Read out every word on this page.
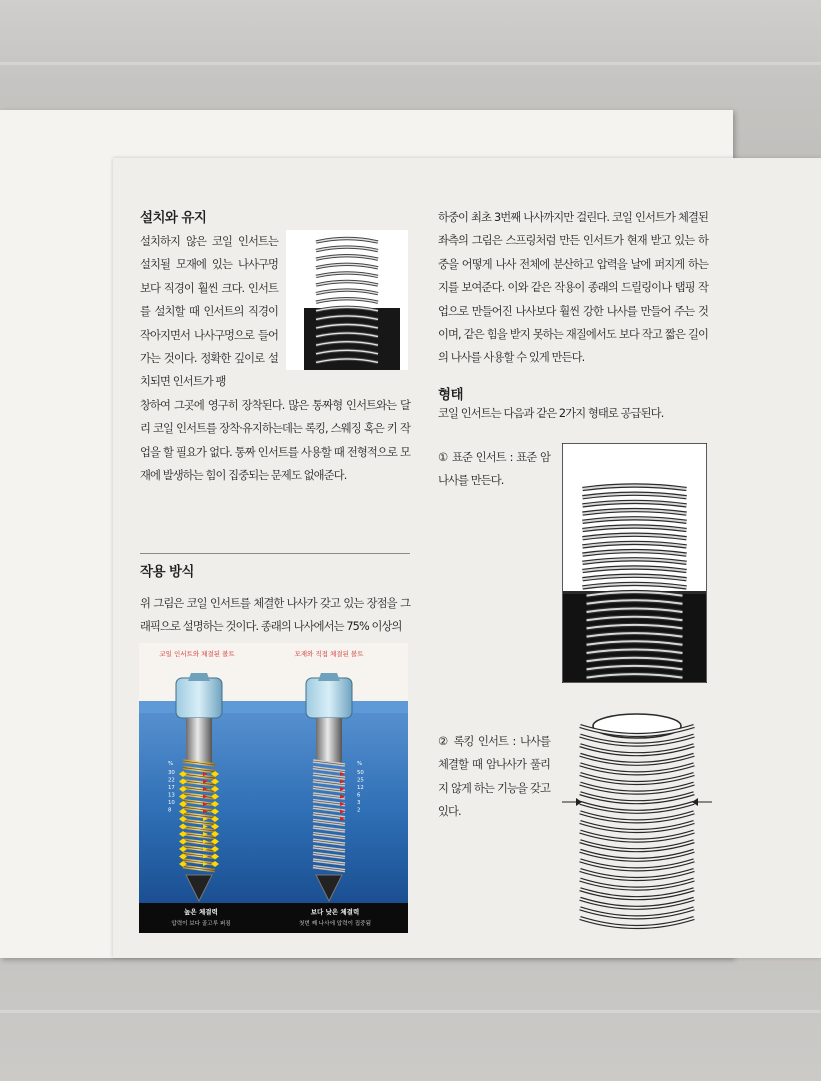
설치와 유지
설치하지 않은 코일 인서트는 설치될 모재에 있는 나사구멍보다 직경이 훨씬 크다. 인서트를 설치할 때 인서트의 직경이 작아지면서 나사구멍으로 들어가는 것이다. 정확한 깊이로 설치되면 인서트가 팽
창하여 그곳에 영구히 장착된다. 많은 통짜형 인서트와는 달리 코일 인서트를 장착·유지하는데는 록킹, 스웨징 혹은 키 작업을 할 필요가 없다. 통짜 인서트를 사용할 때 전형적으로 모재에 발생하는 힘이 집중되는 문제도 없애준다.
작용 방식
위 그림은 코일 인서트를 체결한 나사가 갖고 있는 장점을 그래픽으로 설명하는 것이다. 종래의 나사에서는 75% 이상의
코일 인서트와 체결된 볼트	모재와 직접 체결된 볼트
%
30
22
17
13
10
8
%
50
25
12
6
3
2
높은 체결력
압력이 보다 골고루 퍼짐
보다 낮은 체결력
첫번 째 나사에 압력이 집중됨
하중이 최초 3번째 나사까지만 걸린다. 코일 인서트가 체결된 좌측의 그림은 스프링처럼 만든 인서트가 현재 받고 있는 하중을 어떻게 나사 전체에 분산하고 압력을 날에 퍼지게 하는지를 보여준다. 이와 같은 작용이 종래의 드릴링이나 탭핑 작업으로 만들어진 나사보다 훨씬 강한 나사를 만들어 주는 것이며, 같은 힘을 받지 못하는 재질에서도 보다 작고 짧은 길이의 나사를 사용할 수 있게 만든다.
형태
코일 인서트는 다음과 같은 2가지 형태로 공급된다.
① 표준 인서트 : 표준 암나사를 만든다.
② 록킹 인서트 : 나사를 체결할 때 암나사가 풀리지 않게 하는 기능을 갖고 있다.
